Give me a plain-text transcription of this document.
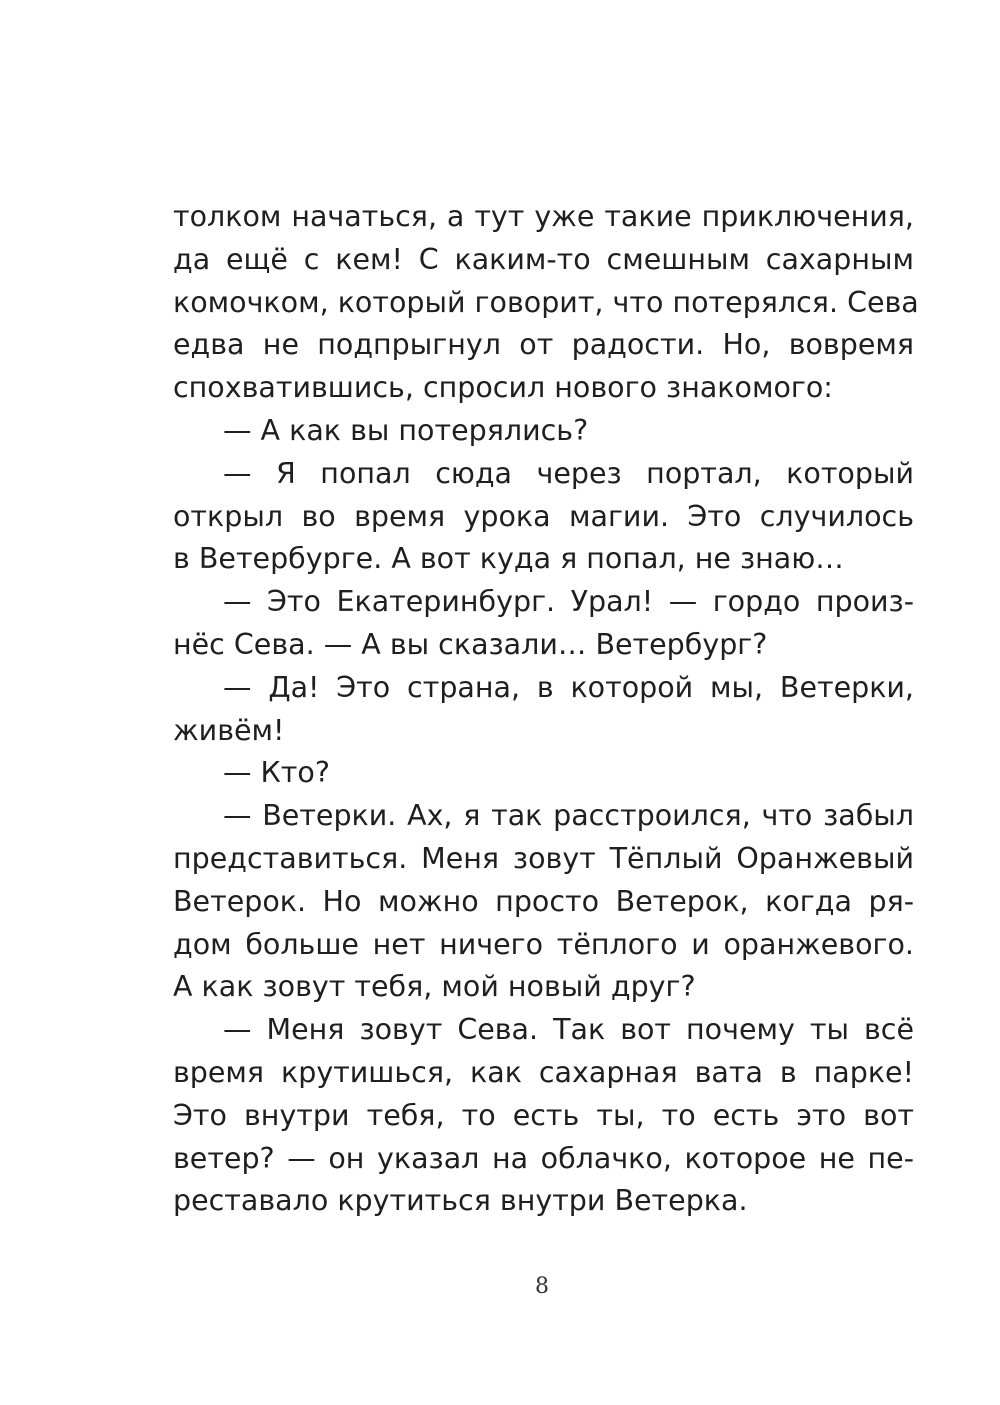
толком начаться, а тут уже такие приключения,
да ещё с кем! С каким-то смешным сахарным
комочком, который говорит, что потерялся. Сева
едва не подпрыгнул от радости. Но, вовремя
спохватившись, спросил нового знакомого:
— А как вы потерялись?
— Я попал сюда через портал, который
открыл во время урока магии. Это случилось
в Ветербурге. А вот куда я попал, не знаю…
— Это Екатеринбург. Урал! — гордо произ-
нёс Сева. — А вы сказали… Ветербург?
— Да! Это страна, в которой мы, Ветерки,
живём!
— Кто?
— Ветерки. Ах, я так расстроился, что забыл
представиться. Меня зовут Тёплый Оранжевый
Ветерок. Но можно просто Ветерок, когда ря-
дом больше нет ничего тёплого и оранжевого.
А как зовут тебя, мой новый друг?
— Меня зовут Сева. Так вот почему ты всё
время крутишься, как сахарная вата в парке!
Это внутри тебя, то есть ты, то есть это вот
ветер? — он указал на облачко, которое не пе-
реставало крутиться внутри Ветерка.
8
